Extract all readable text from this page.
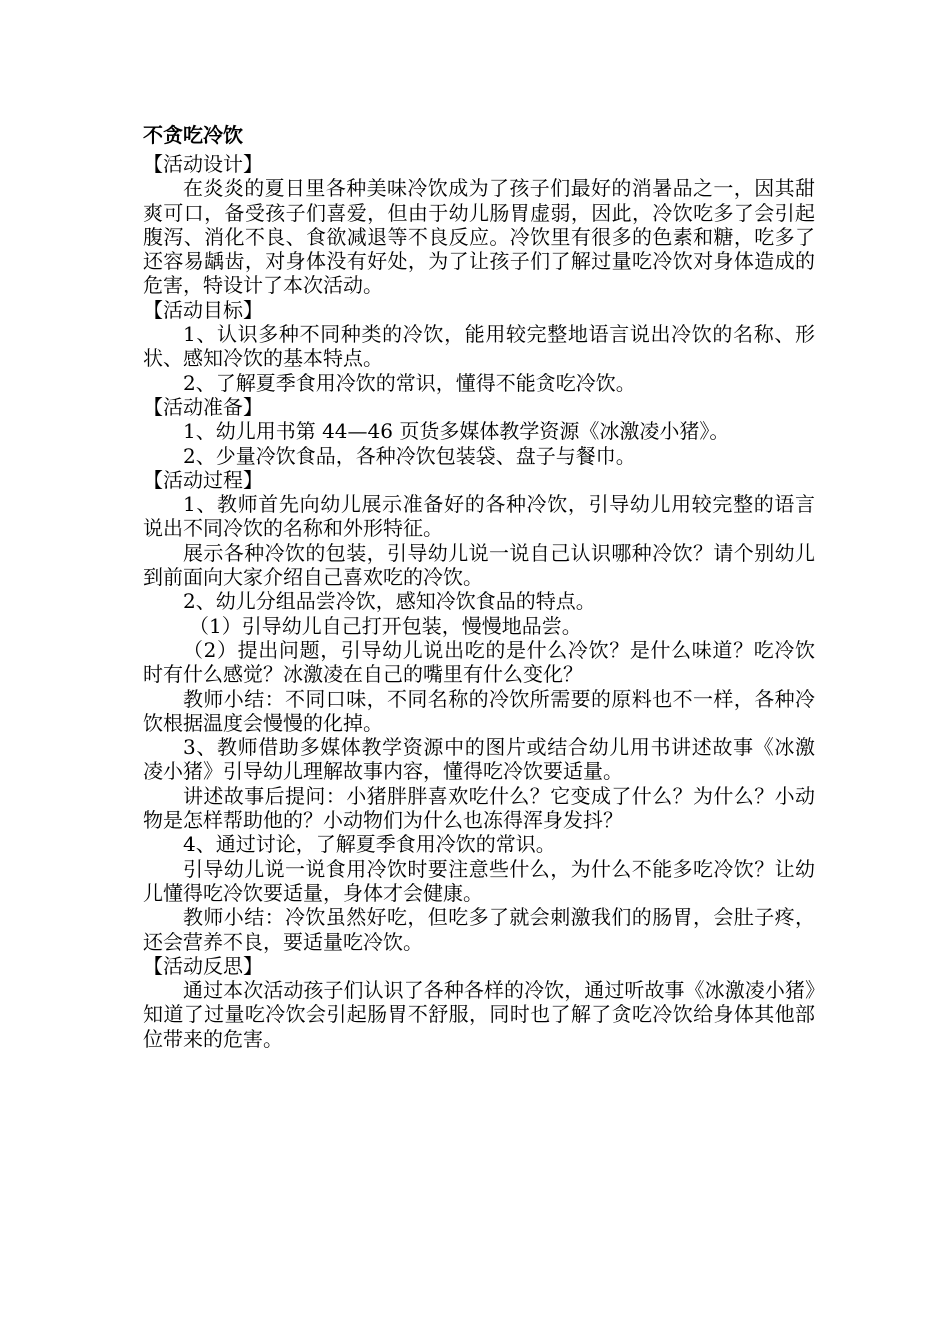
不贪吃冷饮

【活动设计】

在炎炎的夏日里各种美味冷饮成为了孩子们最好的消暑品之一，因其甜爽可口，备受孩子们喜爱，但由于幼儿肠胃虚弱，因此，冷饮吃多了会引起腹泻、消化不良、食欲减退等不良反应。冷饮里有很多的色素和糖，吃多了还容易龋齿，对身体没有好处，为了让孩子们了解过量吃冷饮对身体造成的危害，特设计了本次活动。

【活动目标】

1、认识多种不同种类的冷饮，能用较完整地语言说出冷饮的名称、形状、感知冷饮的基本特点。

2、了解夏季食用冷饮的常识，懂得不能贪吃冷饮。

【活动准备】

1、幼儿用书第 44—46 页货多媒体教学资源《冰激凌小猪》。

2、少量冷饮食品，各种冷饮包装袋、盘子与餐巾。

【活动过程】

1、教师首先向幼儿展示准备好的各种冷饮，引导幼儿用较完整的语言说出不同冷饮的名称和外形特征。

展示各种冷饮的包装，引导幼儿说一说自己认识哪种冷饮？请个别幼儿到前面向大家介绍自己喜欢吃的冷饮。

2、幼儿分组品尝冷饮，感知冷饮食品的特点。

（1）引导幼儿自己打开包装，慢慢地品尝。

（2）提出问题，引导幼儿说出吃的是什么冷饮？是什么味道？吃冷饮时有什么感觉？冰激凌在自己的嘴里有什么变化？

教师小结：不同口味，不同名称的冷饮所需要的原料也不一样，各种冷饮根据温度会慢慢的化掉。

3、教师借助多媒体教学资源中的图片或结合幼儿用书讲述故事《冰激凌小猪》引导幼儿理解故事内容，懂得吃冷饮要适量。

讲述故事后提问：小猪胖胖喜欢吃什么？它变成了什么？为什么？小动物是怎样帮助他的？小动物们为什么也冻得浑身发抖？

4、通过讨论，了解夏季食用冷饮的常识。

引导幼儿说一说食用冷饮时要注意些什么，为什么不能多吃冷饮？让幼儿懂得吃冷饮要适量，身体才会健康。

教师小结：冷饮虽然好吃，但吃多了就会刺激我们的肠胃，会肚子疼，还会营养不良，要适量吃冷饮。

【活动反思】

通过本次活动孩子们认识了各种各样的冷饮，通过听故事《冰激凌小猪》知道了过量吃冷饮会引起肠胃不舒服，同时也了解了贪吃冷饮给身体其他部位带来的危害。
